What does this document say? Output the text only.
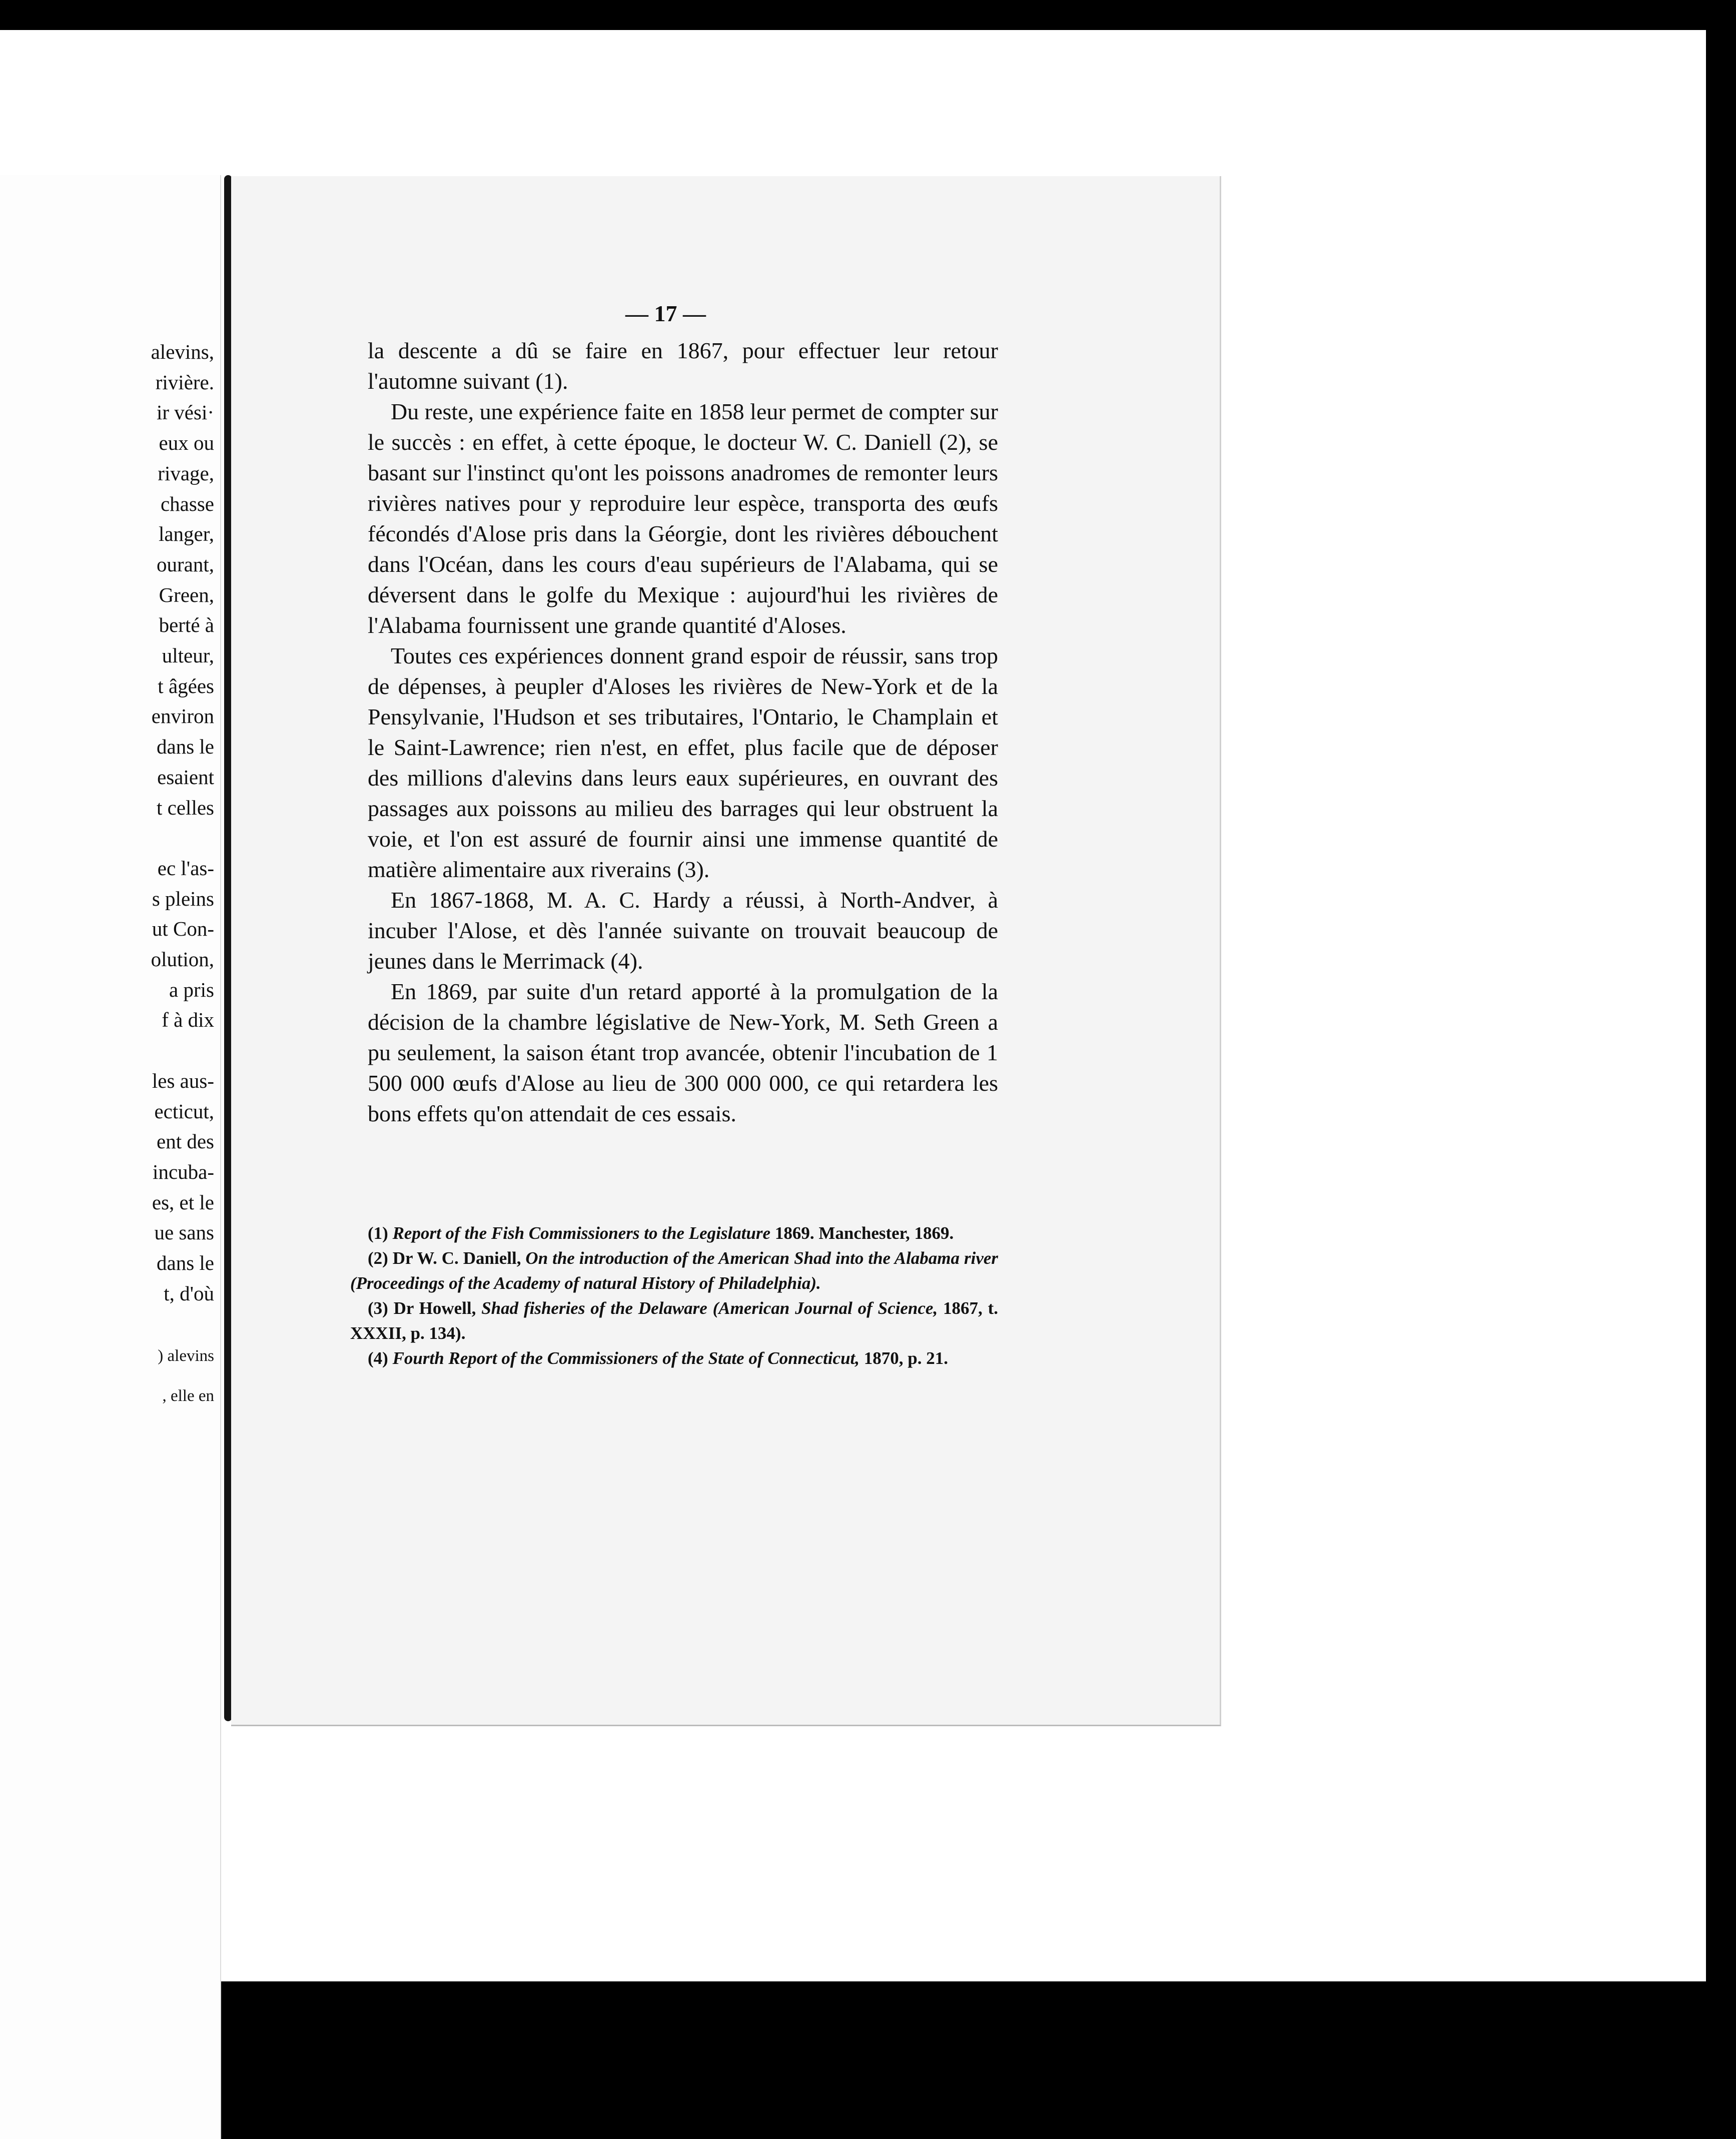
alevins,
rivière.
ir vési·
eux ou
rivage,
chasse
langer,
ourant,
Green,
berté à
ulteur,
t âgées
environ
dans le
esaient
t celles
ec l'as-
s pleins
ut Con-
olution,
a pris
f à dix
les aus-
ecticut,
ent des
incuba-
es, et le
ue sans
dans le
t, d'où
) alevins
, elle en
— 17 —

la descente a dû se faire en 1867, pour effectuer leur retour l'automne suivant (1).

Du reste, une expérience faite en 1858 leur permet de compter sur le succès : en effet, à cette époque, le docteur W. C. Daniell (2), se basant sur l'instinct qu'ont les poissons anadromes de remonter leurs rivières natives pour y reproduire leur espèce, transporta des œufs fécondés d'Alose pris dans la Géorgie, dont les rivières débouchent dans l'Océan, dans les cours d'eau supérieurs de l'Alabama, qui se déversent dans le golfe du Mexique : aujourd'hui les rivières de l'Alabama fournissent une grande quantité d'Aloses.

Toutes ces expériences donnent grand espoir de réussir, sans trop de dépenses, à peupler d'Aloses les rivières de New-York et de la Pensylvanie, l'Hudson et ses tributaires, l'Ontario, le Champlain et le Saint-Lawrence; rien n'est, en effet, plus facile que de déposer des millions d'alevins dans leurs eaux supérieures, en ouvrant des passages aux poissons au milieu des barrages qui leur obstruent la voie, et l'on est assuré de fournir ainsi une immense quantité de matière alimentaire aux riverains (3).

En 1867-1868, M. A. C. Hardy a réussi, à North-Andver, à incuber l'Alose, et dès l'année suivante on trouvait beaucoup de jeunes dans le Merrimack (4).

En 1869, par suite d'un retard apporté à la promulgation de la décision de la chambre législative de New-York, M. Seth Green a pu seulement, la saison étant trop avancée, obtenir l'incubation de 1 500 000 œufs d'Alose au lieu de 300 000 000, ce qui retardera les bons effets qu'on attendait de ces essais.

(1) Report of the Fish Commissioners to the Legislature 1869. Manchester, 1869.

(2) Dr W. C. Daniell, On the introduction of the American Shad into the Alabama river (Proceedings of the Academy of natural History of Philadelphia).

(3) Dr Howell, Shad fisheries of the Delaware (American Journal of Science, 1867, t. XXXII, p. 134).

(4) Fourth Report of the Commissioners of the State of Connecticut, 1870, p. 21.
